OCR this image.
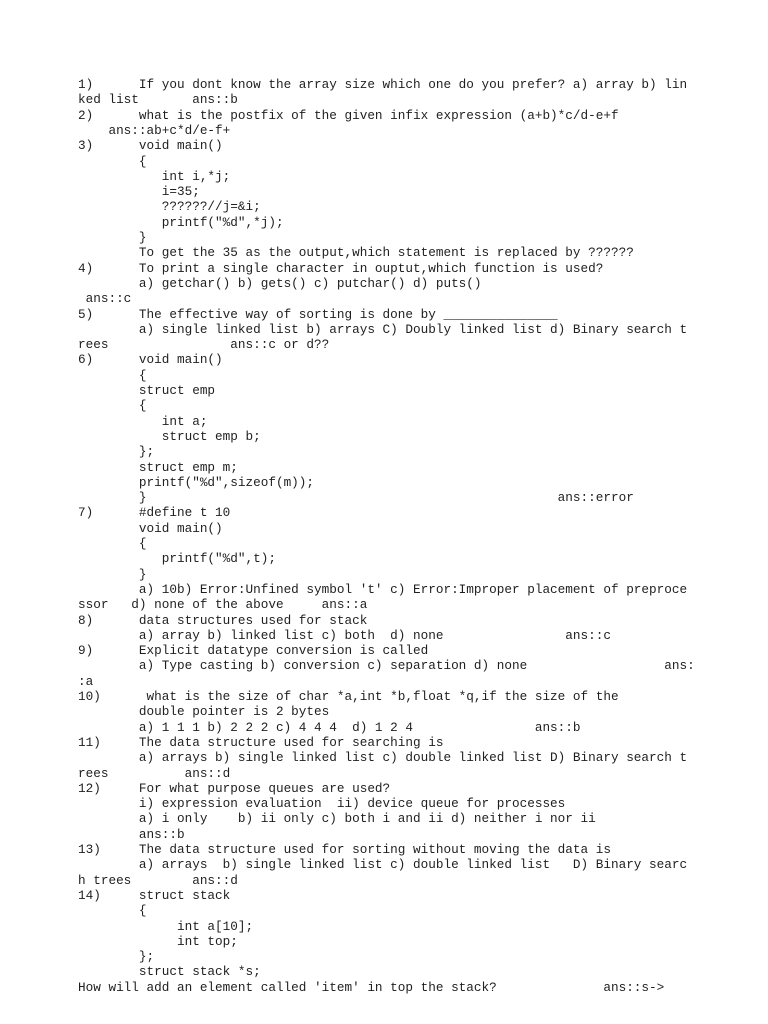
1)      If you dont know the array size which one do you prefer? a) array b) lin
ked list       ans::b
2)      what is the postfix of the given infix expression (a+b)*c/d-e+f
ans::ab+c*d/e-f+
3)      void main()
{
int i,*j;
i=35;
??????//j=&i;
printf("%d",*j);
}
To get the 35 as the output,which statement is replaced by ??????
4)      To print a single character in ouptut,which function is used?
a) getchar() b) gets() c) putchar() d) puts()
ans::c
5)      The effective way of sorting is done by _______________
a) single linked list b) arrays C) Doubly linked list d) Binary search t
rees                ans::c or d??
6)      void main()
{
struct emp
{
int a;
struct emp b;
};
struct emp m;
printf("%d",sizeof(m));
}                                                      ans::error
7)      #define t 10
void main()
{
printf("%d",t);
}
a) 10b) Error:Unfined symbol 't' c) Error:Improper placement of preproce
ssor   d) none of the above     ans::a
8)      data structures used for stack
a) array b) linked list c) both  d) none                ans::c
9)      Explicit datatype conversion is called
a) Type casting b) conversion c) separation d) none                  ans:
:a
10)      what is the size of char *a,int *b,float *q,if the size of the
double pointer is 2 bytes
a) 1 1 1 b) 2 2 2 c) 4 4 4  d) 1 2 4                ans::b
11)     The data structure used for searching is
a) arrays b) single linked list c) double linked list D) Binary search t
rees          ans::d
12)     For what purpose queues are used?
i) expression evaluation  ii) device queue for processes
a) i only    b) ii only c) both i and ii d) neither i nor ii
ans::b
13)     The data structure used for sorting without moving the data is
a) arrays  b) single linked list c) double linked list   D) Binary searc
h trees        ans::d
14)     struct stack
{
int a[10];
int top;
};
struct stack *s;
How will add an element called 'item' in top the stack?              ans::s->
